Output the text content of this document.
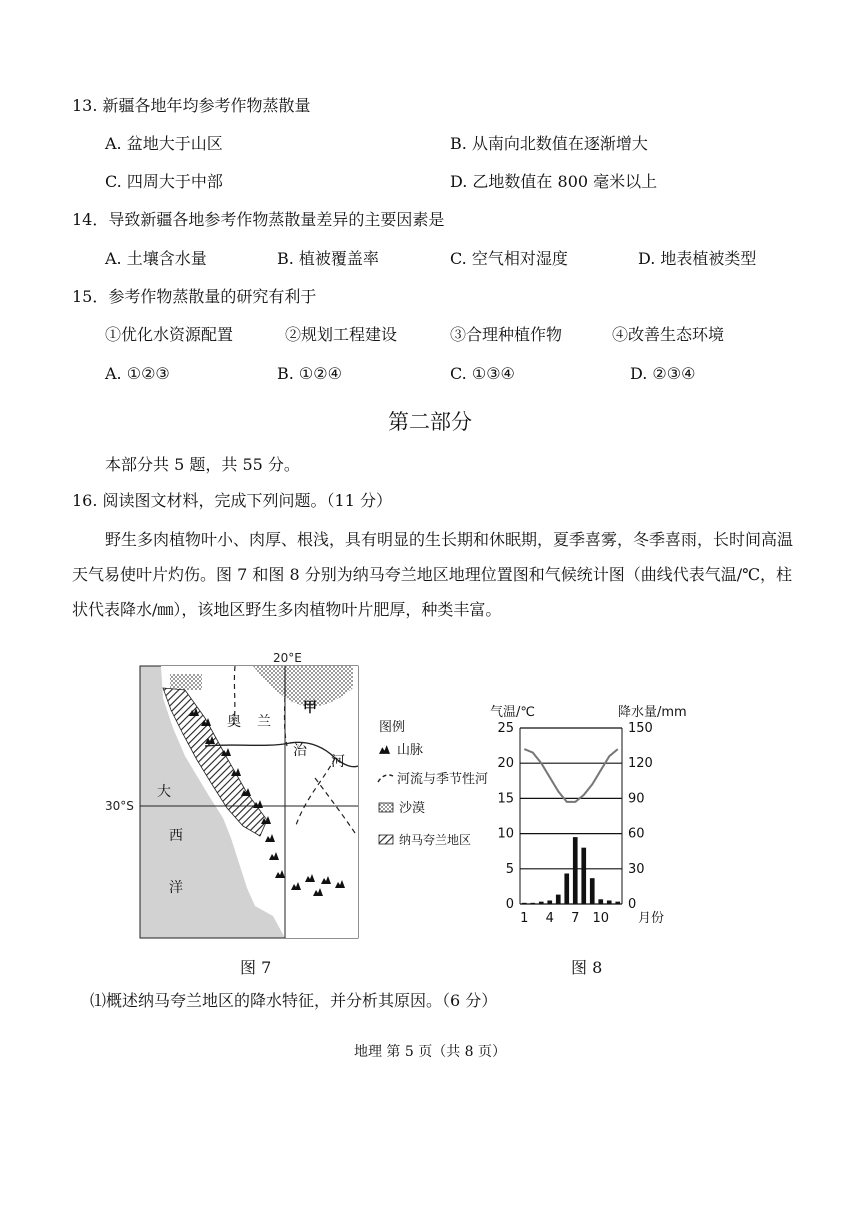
13. 新疆各地年均参考作物蒸散量
A. 盆地大于山区	B. 从南向北数值在逐渐增大
C. 四周大于中部	D. 乙地数值在 800 毫米以上
14．导致新疆各地参考作物蒸散量差异的主要因素是
A. 土壤含水量	B. 植被覆盖率	C. 空气相对湿度	D. 地表植被类型
15．参考作物蒸散量的研究有利于
①优化水资源配置	②规划工程建设	③合理种植作物	④改善生态环境
A. ①②③	B. ①②④	C. ①③④	D. ②③④
第二部分
本部分共 5 题，共 55 分。
16. 阅读图文材料，完成下列问题。（11 分）
野生多肉植物叶小、肉厚、根浅，具有明显的生长期和休眠期，夏季喜雾，冬季喜雨，长时间高温天气易使叶片灼伤。图 7 和图 8 分别为纳马夸兰地区地理位置图和气候统计图（曲线代表气温/℃，柱状代表降水/㎜），该地区野生多肉植物叶片肥厚，种类丰富。
20°E
30°S
大
西
洋
奥 兰
治
河
甲
图例
山脉
河流与季节性河
沙漠
纳马夸兰地区
图 7
气温/℃	降水量/mm
0
5
10
15
20
25
0
30
60
90
120
150
1 4 7 10 月份
图 8
⑴概述纳马夸兰地区的降水特征，并分析其原因。（6 分）
地理 第 5 页（共 8 页）
